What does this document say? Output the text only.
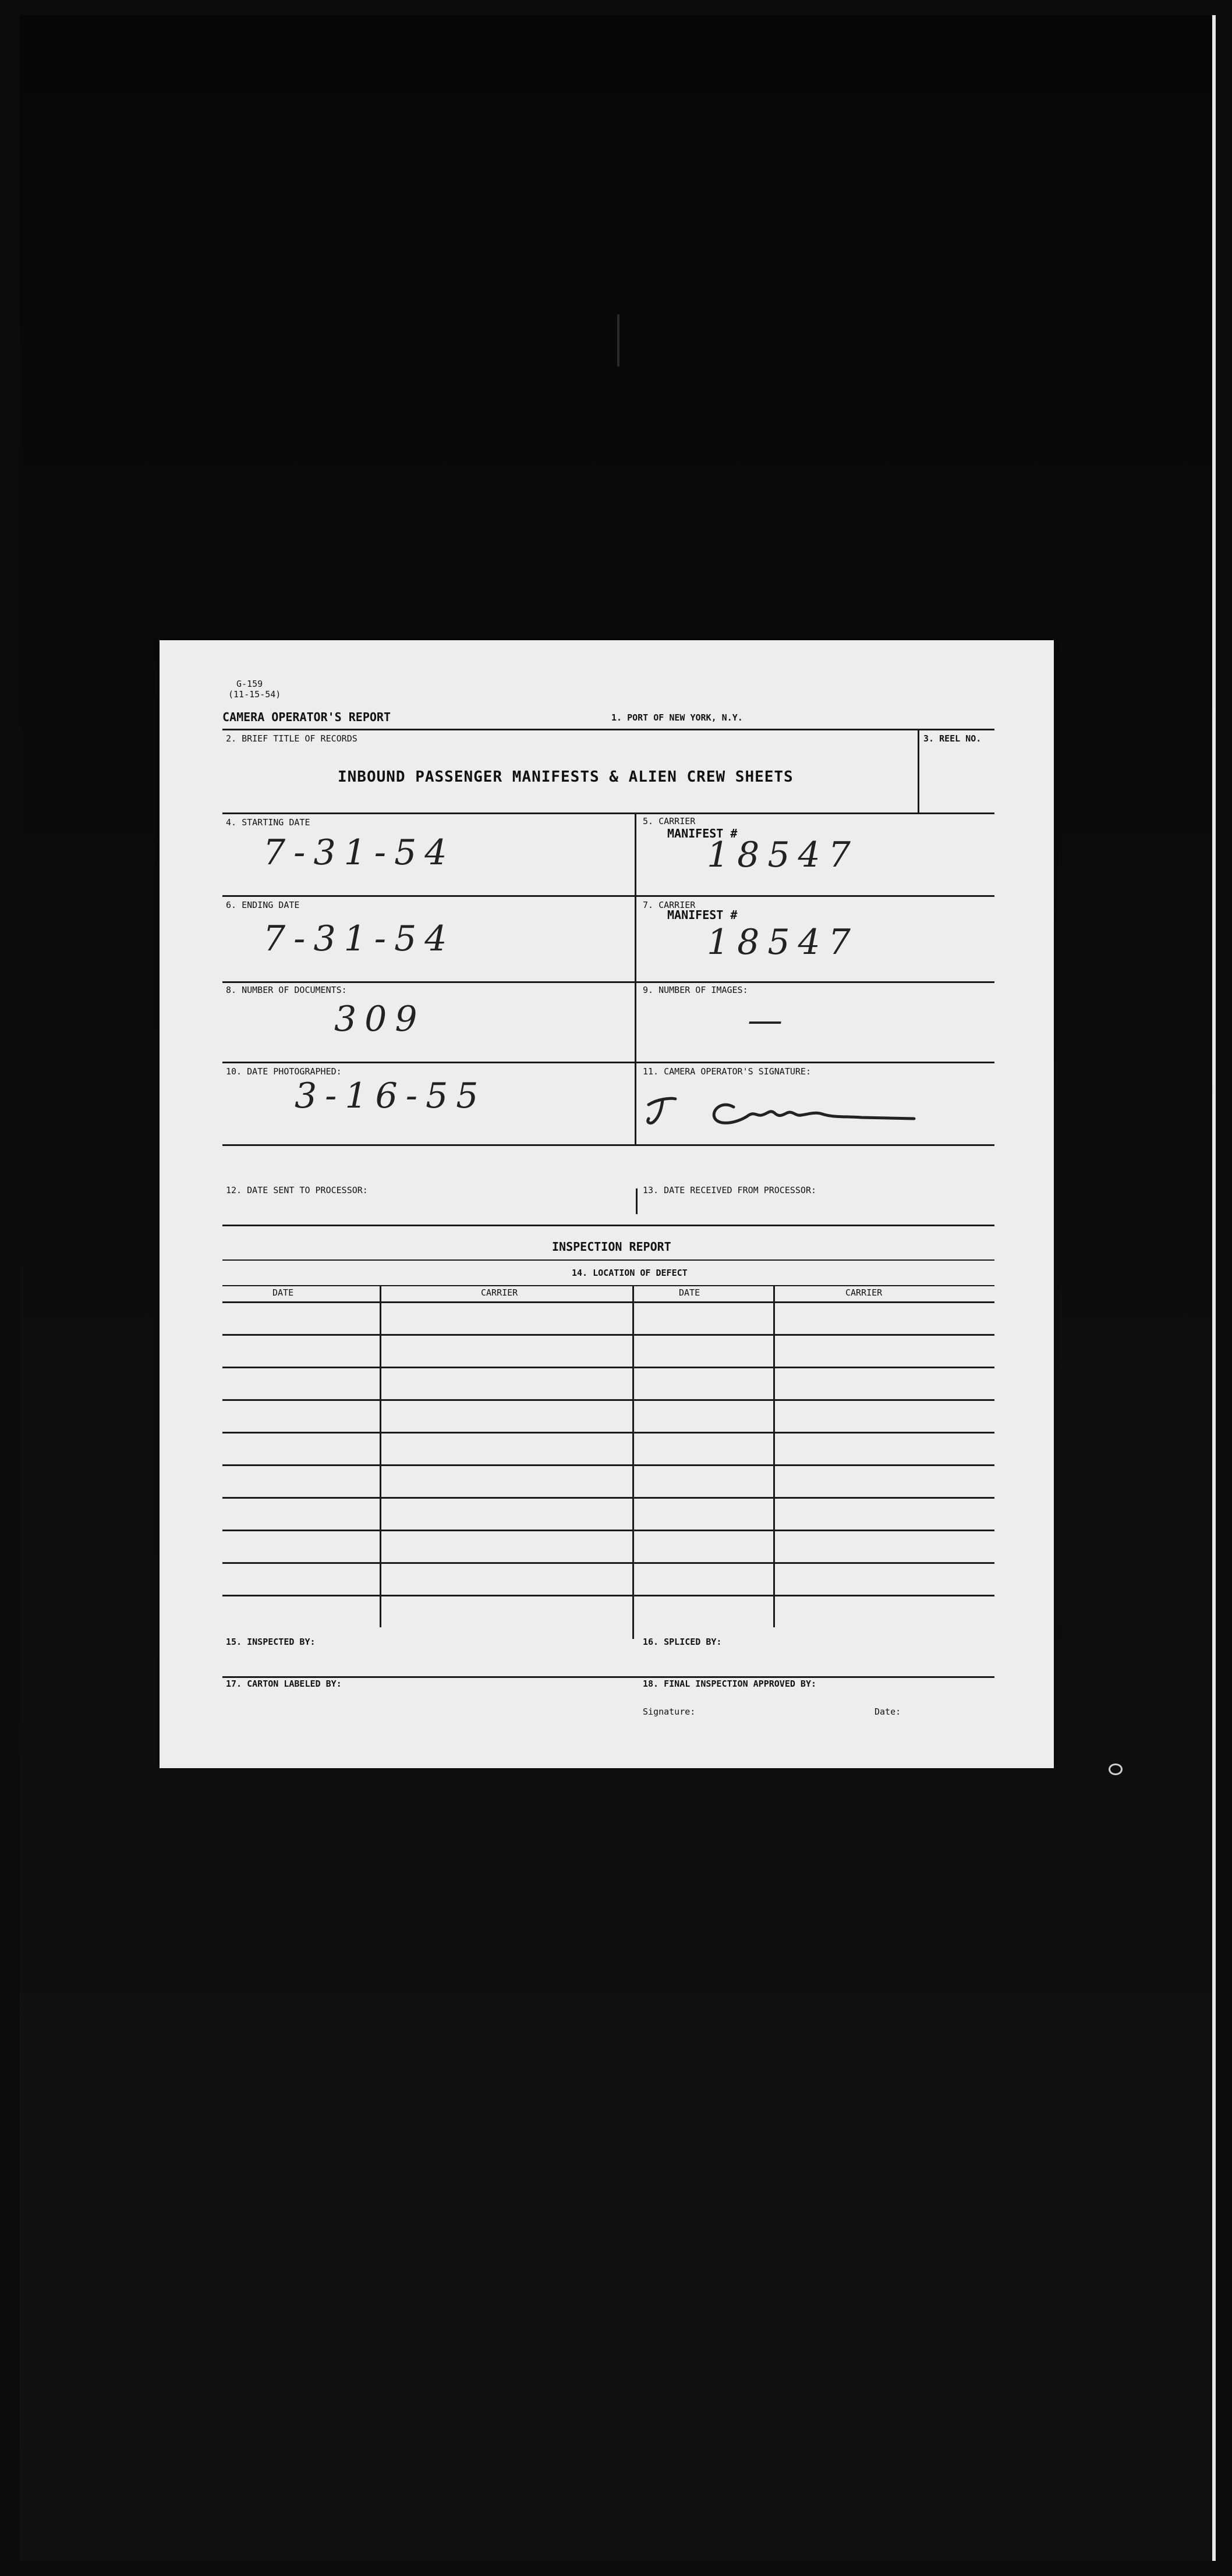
G-159
(11-15-54)
CAMERA OPERATOR'S REPORT	1. PORT OF NEW YORK, N.Y.
2. BRIEF TITLE OF RECORDS	3. REEL NO.
INBOUND PASSENGER MANIFESTS & ALIEN CREW SHEETS
4. STARTING DATE
7-31-54
5. CARRIER
MANIFEST #
18547
6. ENDING DATE
7-31-54
7. CARRIER
MANIFEST #
18547
8. NUMBER OF DOCUMENTS:
309
9. NUMBER OF IMAGES:
—
10. DATE PHOTOGRAPHED:
3-16-55
11. CAMERA OPERATOR'S SIGNATURE:
12. DATE SENT TO PROCESSOR:	13. DATE RECEIVED FROM PROCESSOR:
INSPECTION REPORT
14. LOCATION OF DEFECT
DATE	CARRIER	DATE	CARRIER
15. INSPECTED BY:	16. SPLICED BY:
17. CARTON LABELED BY:	18. FINAL INSPECTION APPROVED BY:
Signature:	Date:
